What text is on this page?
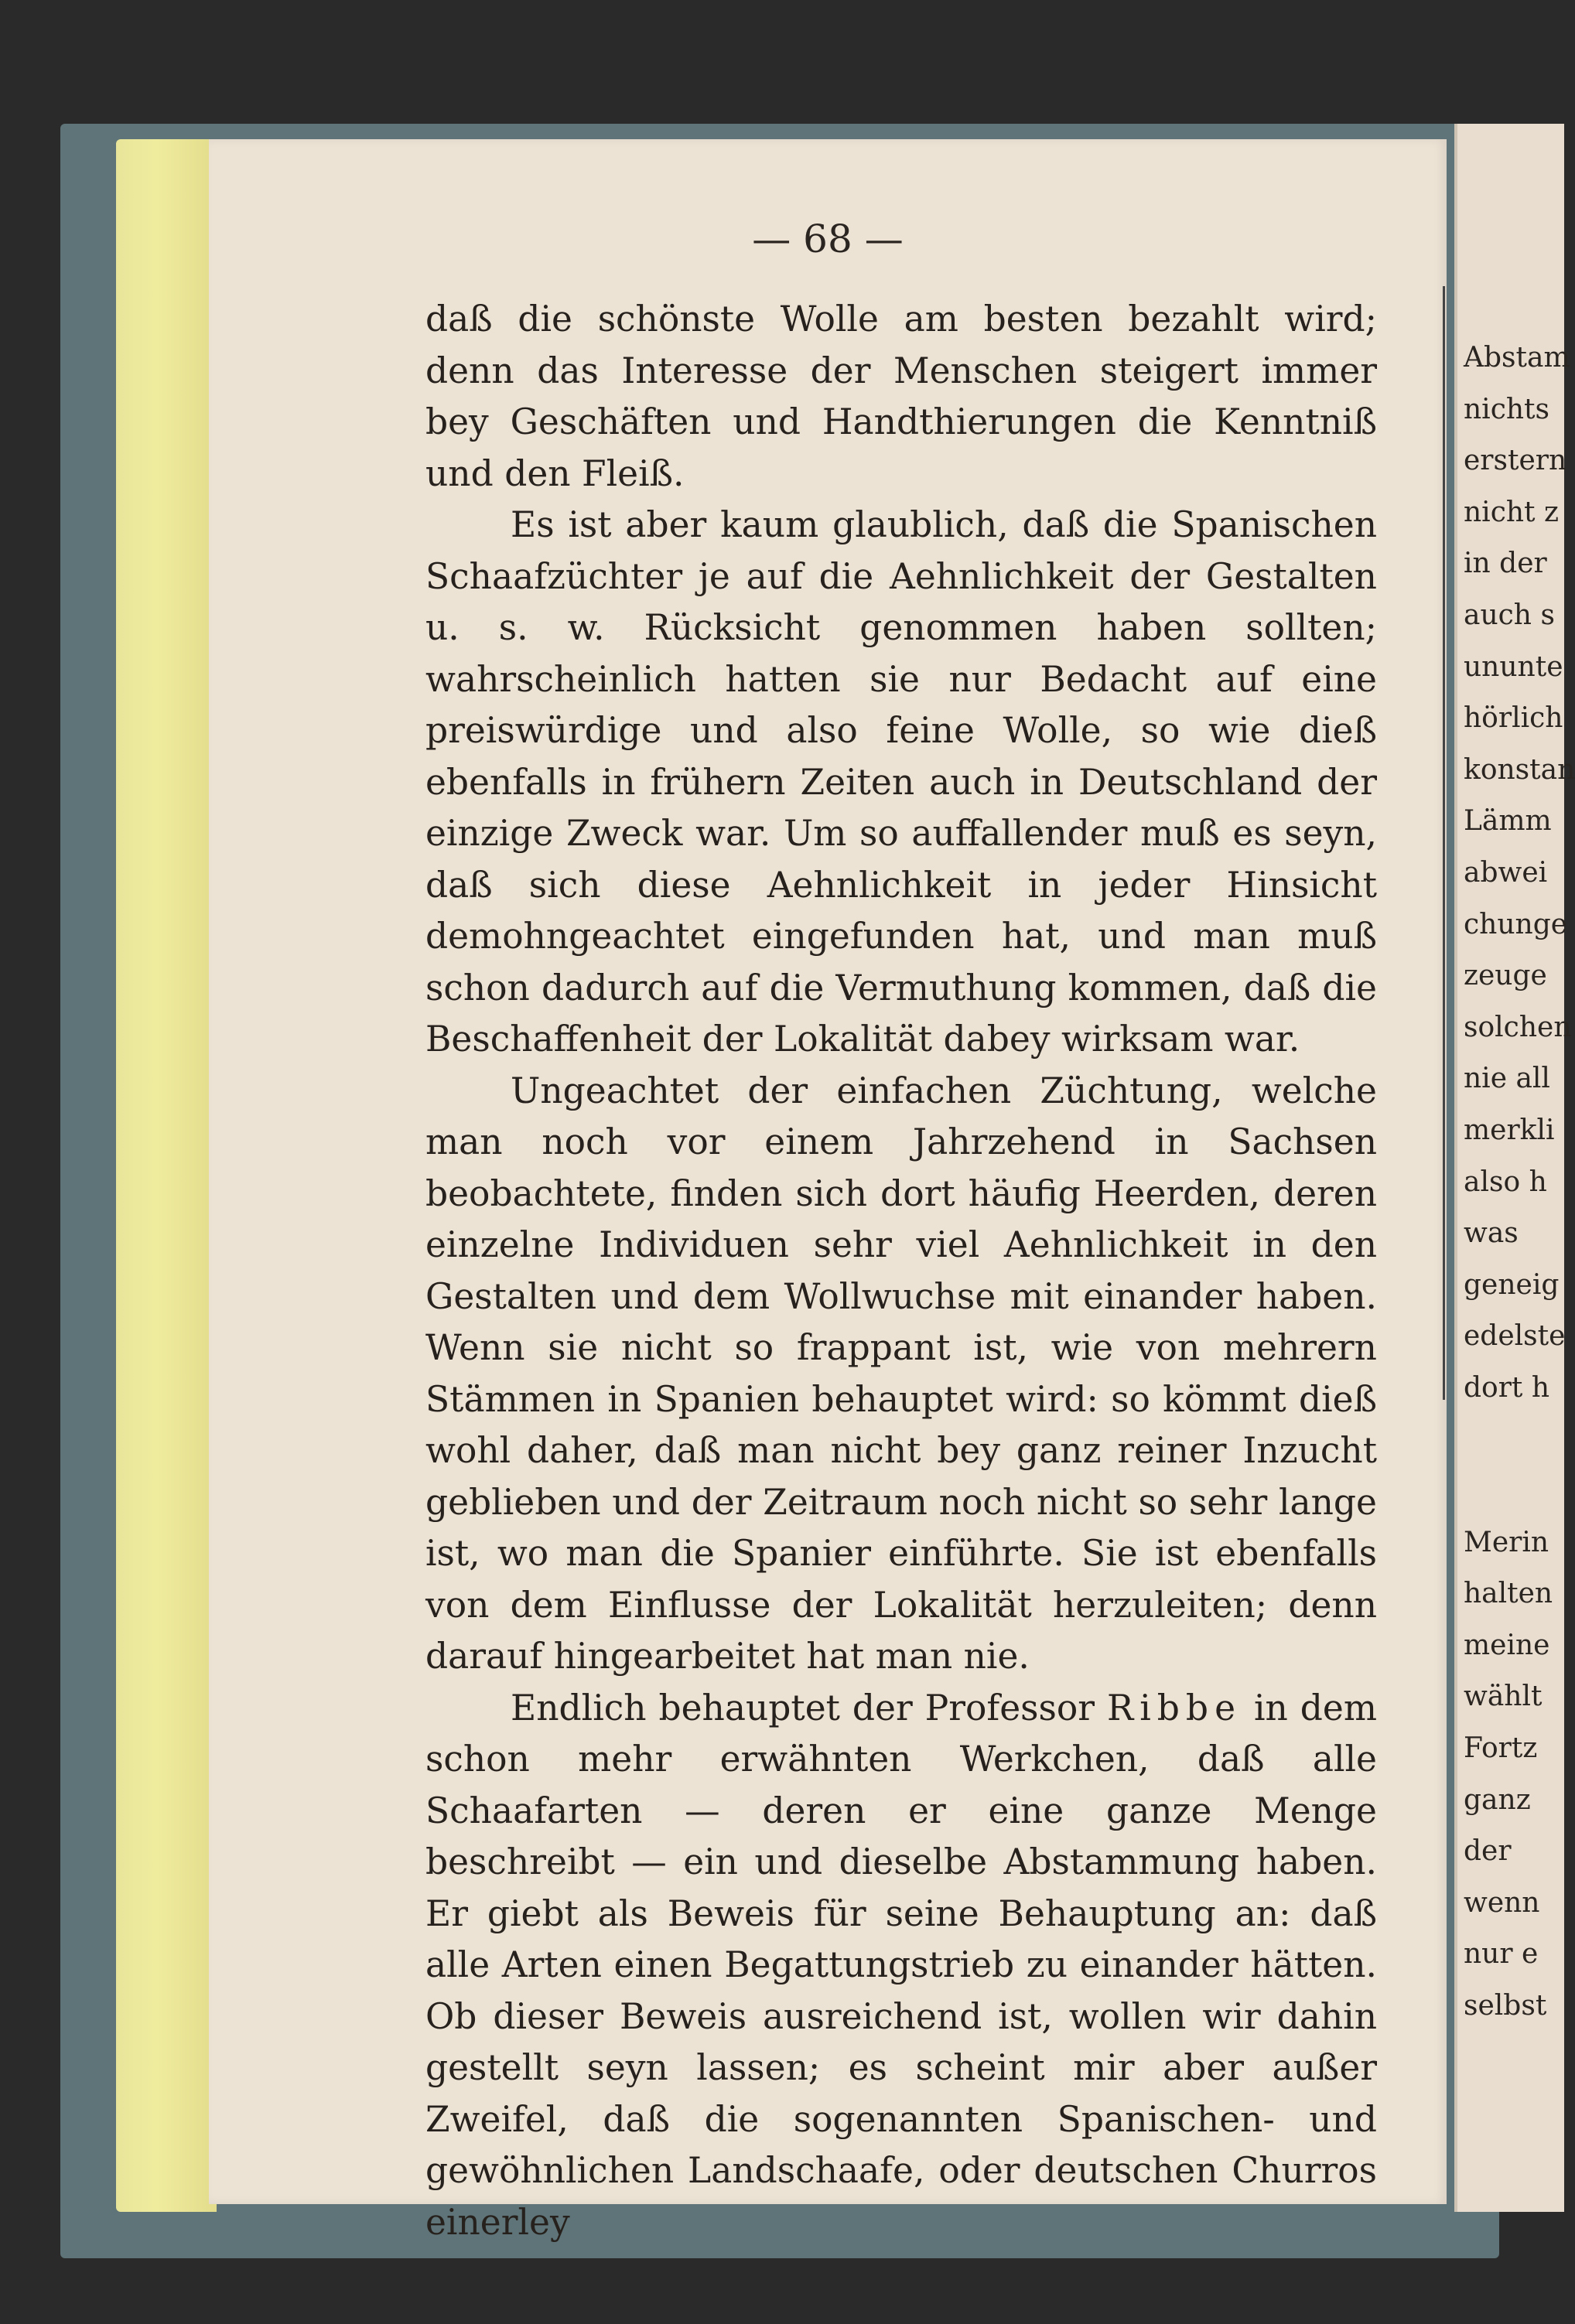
— 68 —

daß die schönste Wolle am besten bezahlt wird; denn das Interesse der Menschen steigert immer bey Geschäften und Handthierungen die Kenntniß und den Fleiß.

Es ist aber kaum glaublich, daß die Spanischen Schaafzüchter je auf die Aehnlichkeit der Gestalten u. s. w. Rücksicht genommen haben sollten; wahrscheinlich hatten sie nur Bedacht auf eine preiswürdige und also feine Wolle, so wie dieß ebenfalls in frühern Zeiten auch in Deutschland der einzige Zweck war. Um so auffallender muß es seyn, daß sich diese Aehnlichkeit in jeder Hinsicht demohngeachtet eingefunden hat, und man muß schon dadurch auf die Vermuthung kommen, daß die Beschaffenheit der Lokalität dabey wirksam war.

Ungeachtet der einfachen Züchtung, welche man noch vor einem Jahrzehend in Sachsen beobachtete, finden sich dort häufig Heerden, deren einzelne Individuen sehr viel Aehnlichkeit in den Gestalten und dem Wollwuchse mit einander haben. Wenn sie nicht so frappant ist, wie von mehrern Stämmen in Spanien behauptet wird: so kömmt dieß wohl daher, daß man nicht bey ganz reiner Inzucht geblieben und der Zeitraum noch nicht so sehr lange ist, wo man die Spanier einführte. Sie ist ebenfalls von dem Einflusse der Lokalität herzuleiten; denn darauf hingearbeitet hat man nie.

Endlich behauptet der Professor Ribbe in dem schon mehr erwähnten Werkchen, daß alle Schaafarten — deren er eine ganze Menge beschreibt — ein und dieselbe Abstammung haben. Er giebt als Beweis für seine Behauptung an: daß alle Arten einen Begattungstrieb zu einander hätten. Ob dieser Beweis ausreichend ist, wollen wir dahin gestellt seyn lassen; es scheint mir aber außer Zweifel, daß die sogenannten Spanischen- und gewöhnlichen Landschaafe, oder deutschen Churros einerley

Abstam
nichts
erstern
nicht z
in der
auch s
ununte
hörlich
konstan
Lämm
abwei
chunge
zeuge
solchen
nie all
merkli
also h
was
geneig
edelste
dort h
Merin
halten
meine
wählt
Fortz
ganz
der
wenn
nur e
selbst
